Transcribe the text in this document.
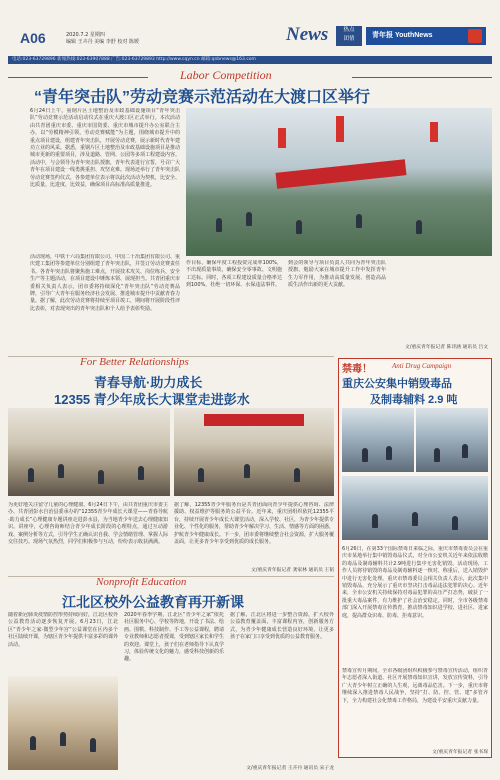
A06	2020.7.2 星期四
编辑 王卉丹 美编 李舒 校对 陈媛	News	热点
团情	青年报 YouthNews
电话:023-63729896 新闻热线:023-63907888 广告:023-63729893 http://www.cqyn.cn 邮箱:qnbnews@163.com
Labor Competition
“青年突击队”劳动竞赛示范活动在大渡口区举行
6月24日上午，重钢片区土地整治及市政基础设施项目“青年突击队”劳动竞赛示范活动启动仪式在重庆大渡口区正式举行。本次活动由共青团重庆市委、重庆市国资委、重庆市城市提升办公室联合主办，以“劳模精神引领，劳动竞赛赋能”为主题，围绕城市提升中的重点项目建设，组建青年突击队，开展劳动竞赛，展示新时代青年建功立业的风采。据悉，重钢片区土地整治及市政基础设施项目是推动城市更新的重要项目，涉及道路、管网、公园等多项工程建设内容。活动中，与会领导为青年突击队授旗，青年代表进行宣誓，号召广大青年在项目建设一线勇挑重担、攻坚克难。现场还举行了青年突击队劳动竞赛签约仪式，各参建单位表示将以此次活动为契机，比安全、比质量、比进度、比效益，确保项目高标准高质量推进。
活动现场，中铁十六局集团有限公司、中国二十冶集团有限公司、重庆建工集团等参建单位分别组建了青年突击队，并签订劳动竞赛责任书。各青年突击队将聚焦施工难点，开展技术攻关、岗位练兵、安全生产等主题活动，在项目建设中锤炼本领、展现担当。共青团重庆市委相关负责人表示，团市委将持续深化“青年突击队”劳动竞赛品牌，引导广大青年在服务经济社会发展、推进城市提升中贡献青春力量。据了解，此次劳动竞赛将持续至项目竣工，期间将开展阶段性评比表彰，对表现突出的青年突击队和个人给予表彰奖励。
作目标，确保年度工程投资完成率100%，不出现质量事故，确保安全零事故、文明施工达标。同时，各项工程建设质量合格率达到100%，杜绝一切环保、水保违法事件。
到会的领导与项目负责人共同为青年突击队授旗，勉励大家在城市提升工作中发挥青年生力军作用，为推动高质量发展、创造高品质生活作出新的更大贡献。
文/重庆青年报记者 陈诗涵 通讯员 吕文
For Better Relationships
青春导航·助力成长
12355 青少年成长大课堂走进彭水
为更好地关注留守儿童的心理健康，6月24日下午，由共青团重庆市委主办、共青团彭水自治县委承办的“12355青少年成长大课堂——青春导航·助力成长”心理健康专题讲座走进彭水县，为当地青少年送去心理健康知识。讲座中，心理咨询师结合青少年成长阶段的心理特点，通过互动游戏、案例分析等方式，引导学生正确认识自我、学会情绪管理、掌握人际交往技巧。现场气氛热烈，同学们积极参与互动，纷纷表示收获满满。
据了解，12355青少年服务台是共青团面向青少年提供心理咨询、法律援助、权益维护等服务的公益平台。近年来，重庆团组织依托12355平台，持续开展青少年成长大课堂活动，深入学校、社区，为青少年提供专业化、个性化的服务，帮助青少年解决学习、生活、情感等方面的困惑，护航青少年健康成长。下一步，团市委将继续整合社会资源，扩大服务覆盖面，让更多青少年享受到优质的成长服务。
文/重庆青年报记者 龚家林 通讯员 王韬
Nonprofit Education
江北区校外公益教育再开新课
随着新冠肺炎疫情防控形势持续向好，江北区校外公益教育活动逐步恢复开展。6月23日，江北区“青少年之家·微型少年宫”公益课堂在区内多个社区陆续开课，为辖区青少年提供丰富多彩的课外活动。
2020年春季学期，江北区“青少年之家”依托社区服务中心、学校等阵地，开设了书法、绘画、围棋、科技制作、手工等公益课程，聘请专业教师和志愿者授课，受到辖区家长和学生的欢迎。课堂上，孩子们在老师指导下认真学习，体验传统文化的魅力，感受科技创新的乐趣。
据了解，江北区将进一步整合资源，扩大校外公益教育覆盖面，丰富课程内容，创新服务方式，为青少年健康成长营造良好环境，让更多孩子在家门口享受到优质的公益教育服务。
文/重庆青年报记者 王卉丹 通讯员 宋子龙
禁毒！	Anti Drug Campaign
重庆公安集中销毁毒品
及制毒辅料 2.9 吨
6月26日，在第33个国际禁毒日来临之际，重庆市禁毒委员会在重庆市某地举行集中销毁毒品仪式，对全市公安机关近年来依法收缴的毒品及制毒辅料共计2.9吨进行集中无害化销毁。活动现场，工作人员将待销毁的毒品及制毒辅料逐一核对、称重后，送入销毁炉中进行无害化处理。重庆市禁毒委员会相关负责人表示，此次集中销毁毒品，充分展示了重庆市坚决打击毒品违法犯罪的决心。近年来，全市公安机关持续保持对毒品犯罪的高压严打态势，破获了一批重大毒品案件，有力维护了社会治安稳定。同时，全市各级禁毒部门深入开展禁毒宣传教育，推动禁毒知识进学校、进社区、进家庭，提高群众识毒、防毒、拒毒意识。
禁毒宣传月期间，全市各级团组织积极参与禁毒宣传活动，组织青年志愿者深入街道、社区开展禁毒知识宣讲，发放宣传资料，引导广大青少年树立正确的人生观，远离毒品危害。下一步，重庆市将继续深入推进禁毒人民战争，坚持“打、防、控、管、建”多管齐下，全力构建社会化禁毒工作格局，为建设平安重庆贡献力量。
文/重庆青年报记者 张书琛
